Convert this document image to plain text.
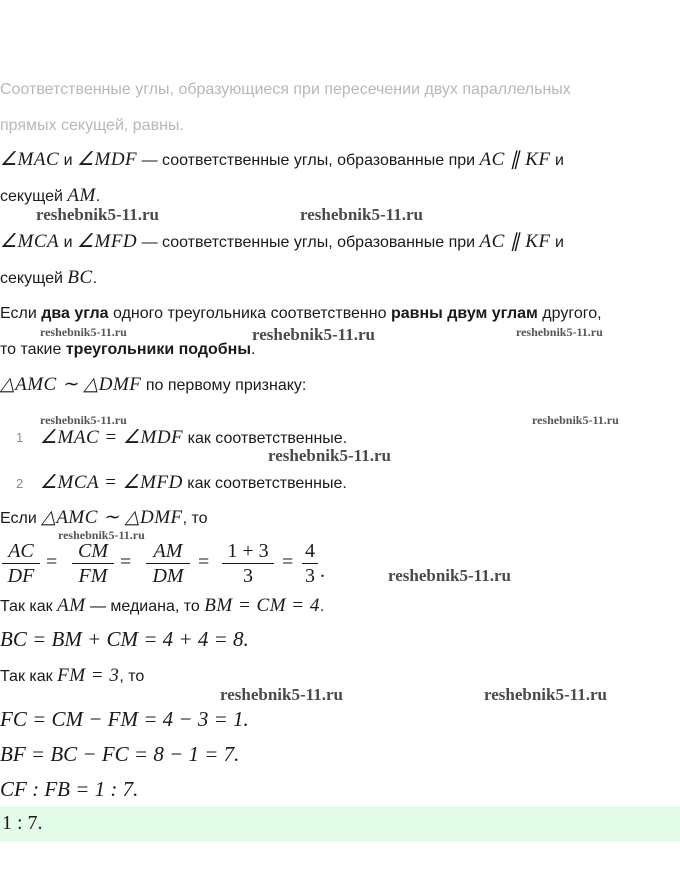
Соответственные углы, образующиеся при пересечении двух параллельных
прямых секущей, равны.
∠MAC и ∠MDF — соответственные углы, образованные при AC ∥ KF и
секущей AM.
∠MCA и ∠MFD — соответственные углы, образованные при AC ∥ KF и
секущей BC.
Если два угла одного треугольника соответственно равны двум углам другого,
то такие треугольники подобны.
△AMC ∼ △DMF по первому признаку:
1 ∠MAC = ∠MDF как соответственные.
2 ∠MCA = ∠MFD как соответственные.
Если △AMC ∼ △DMF, то
AC
DF
=	CM
FM
=	AM
DM
= 1 + 3
3
= 4
3 .
Так как AM — медиана, то BM = CM = 4.
BC = BM + CM = 4 + 4 = 8.
Так как FM = 3, то
FC = CM − FM = 4 − 3 = 1.
BF = BC − FC = 8 − 1 = 7.
CF : FB = 1 : 7.
1 : 7.
reshebnik5-11.ru	reshebnik5-11.ru
reshebnik5-11.ru	reshebnik5-11.ru	reshebnik5-11.ru
reshebnik5-11.ru	reshebnik5-11.ru
reshebnik5-11.ru
reshebnik5-11.ru
reshebnik5-11.ru
reshebnik5-11.ru	reshebnik5-11.ru
